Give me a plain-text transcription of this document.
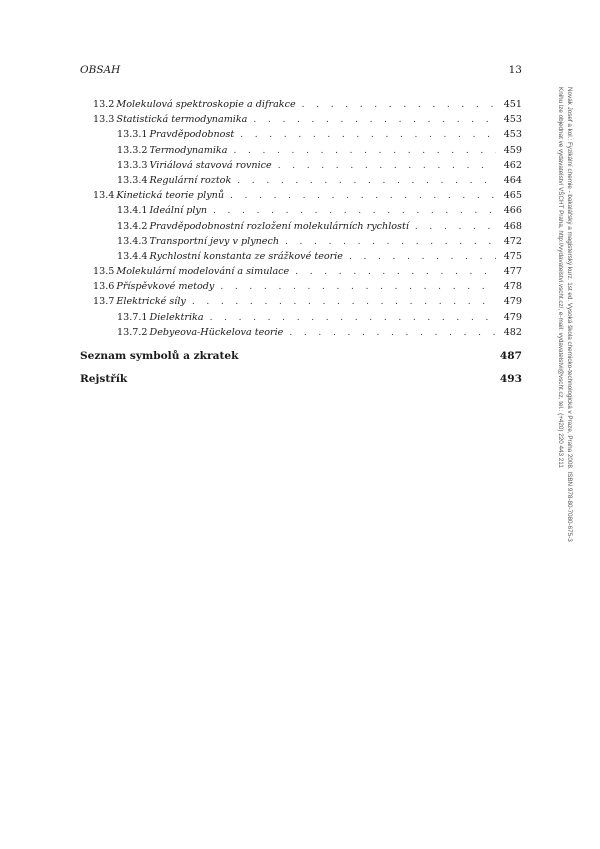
OBSAH	13
13.2 Molekulová spektroskopie a difrakce . . .	451
13.3 Statistická termodynamika . . .	453
13.3.1 Pravděpodobnost . . .	453
13.3.2 Termodynamika . . .	459
13.3.3 Viriálová stavová rovnice . . .	462
13.3.4 Regulární roztok . . .	464
13.4 Kinetická teorie plynů . . .	465
13.4.1 Ideální plyn . . .	466
13.4.2 Pravděpodobnostní rozložení molekulárních rychlostí . . .	468
13.4.3 Transportní jevy v plynech . . .	472
13.4.4 Rychlostní konstanta ze srážkové teorie . . .	475
13.5 Molekulární modelování a simulace . . .	477
13.6 Příspěvkové metody . . .	478
13.7 Elektrické síly . . .	479
13.7.1 Dielektrika . . .	479
13.7.2 Debyeova-Hückelova teorie . . .	482
Seznam symbolů a zkratek	487
Rejstřík	493	Novák Josef a kol.: Fyzikální chemie - bakalářský a magisterský kurz. 1st ed. Vysoká škola chemicko-technologická v Praze, Praha 2008. ISBN 978-80-7080-675-3
Knihu lze objednat ve vydavatelství VŠCHT Praha, http://vydavatelstvi.vscht.cz/, e-mail: vydavatelstvi@vscht.cz, tel.: (+420) 220 443 211
